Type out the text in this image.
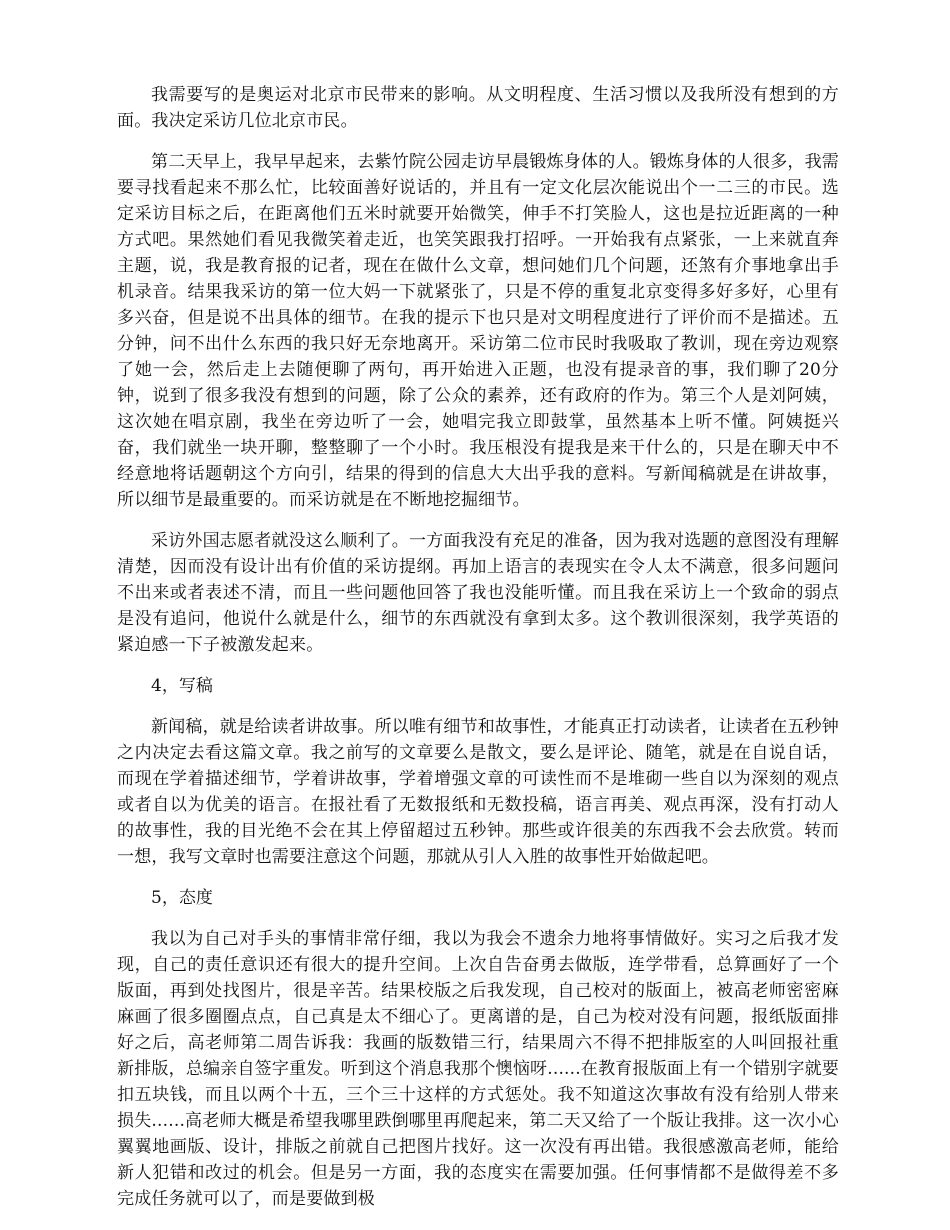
我需要写的是奥运对北京市民带来的影响。从文明程度、生活习惯以及我所没有想到的方面。我决定采访几位北京市民。

第二天早上，我早早起来，去紫竹院公园走访早晨锻炼身体的人。锻炼身体的人很多，我需要寻找看起来不那么忙，比较面善好说话的，并且有一定文化层次能说出个一二三的市民。选定采访目标之后，在距离他们五米时就要开始微笑，伸手不打笑脸人，这也是拉近距离的一种方式吧。果然她们看见我微笑着走近，也笑笑跟我打招呼。一开始我有点紧张，一上来就直奔主题，说，我是教育报的记者，现在在做什么文章，想问她们几个问题，还煞有介事地拿出手机录音。结果我采访的第一位大妈一下就紧张了，只是不停的重复北京变得多好多好，心里有多兴奋，但是说不出具体的细节。在我的提示下也只是对文明程度进行了评价而不是描述。五分钟，问不出什么东西的我只好无奈地离开。采访第二位市民时我吸取了教训，现在旁边观察了她一会，然后走上去随便聊了两句，再开始进入正题，也没有提录音的事，我们聊了20分钟，说到了很多我没有想到的问题，除了公众的素养，还有政府的作为。第三个人是刘阿姨，这次她在唱京剧，我坐在旁边听了一会，她唱完我立即鼓掌，虽然基本上听不懂。阿姨挺兴奋，我们就坐一块开聊，整整聊了一个小时。我压根没有提我是来干什么的，只是在聊天中不经意地将话题朝这个方向引，结果的得到的信息大大出乎我的意料。写新闻稿就是在讲故事，所以细节是最重要的。而采访就是在不断地挖掘细节。

采访外国志愿者就没这么顺利了。一方面我没有充足的准备，因为我对选题的意图没有理解清楚，因而没有设计出有价值的采访提纲。再加上语言的表现实在令人太不满意，很多问题问不出来或者表述不清，而且一些问题他回答了我也没能听懂。而且我在采访上一个致命的弱点是没有追问，他说什么就是什么，细节的东西就没有拿到太多。这个教训很深刻，我学英语的紧迫感一下子被激发起来。

4，写稿

新闻稿，就是给读者讲故事。所以唯有细节和故事性，才能真正打动读者，让读者在五秒钟之内决定去看这篇文章。我之前写的文章要么是散文，要么是评论、随笔，就是在自说自话，而现在学着描述细节，学着讲故事，学着增强文章的可读性而不是堆砌一些自以为深刻的观点或者自以为优美的语言。在报社看了无数报纸和无数投稿，语言再美、观点再深，没有打动人的故事性，我的目光绝不会在其上停留超过五秒钟。那些或许很美的东西我不会去欣赏。转而一想，我写文章时也需要注意这个问题，那就从引人入胜的故事性开始做起吧。

5，态度

我以为自己对手头的事情非常仔细，我以为我会不遗余力地将事情做好。实习之后我才发现，自己的责任意识还有很大的提升空间。上次自告奋勇去做版，连学带看，总算画好了一个版面，再到处找图片，很是辛苦。结果校版之后我发现，自己校对的版面上，被高老师密密麻麻画了很多圈圈点点，自己真是太不细心了。更离谱的是，自己为校对没有问题，报纸版面排好之后，高老师第二周告诉我：我画的版数错三行，结果周六不得不把排版室的人叫回报社重新排版，总编亲自签字重发。听到这个消息我那个懊恼呀......在教育报版面上有一个错别字就要扣五块钱，而且以两个十五，三个三十这样的方式惩处。我不知道这次事故有没有给别人带来损失......高老师大概是希望我哪里跌倒哪里再爬起来，第二天又给了一个版让我排。这一次小心翼翼地画版、设计，排版之前就自己把图片找好。这一次没有再出错。我很感激高老师，能给新人犯错和改过的机会。但是另一方面，我的态度实在需要加强。任何事情都不是做得差不多完成任务就可以了，而是要做到极
